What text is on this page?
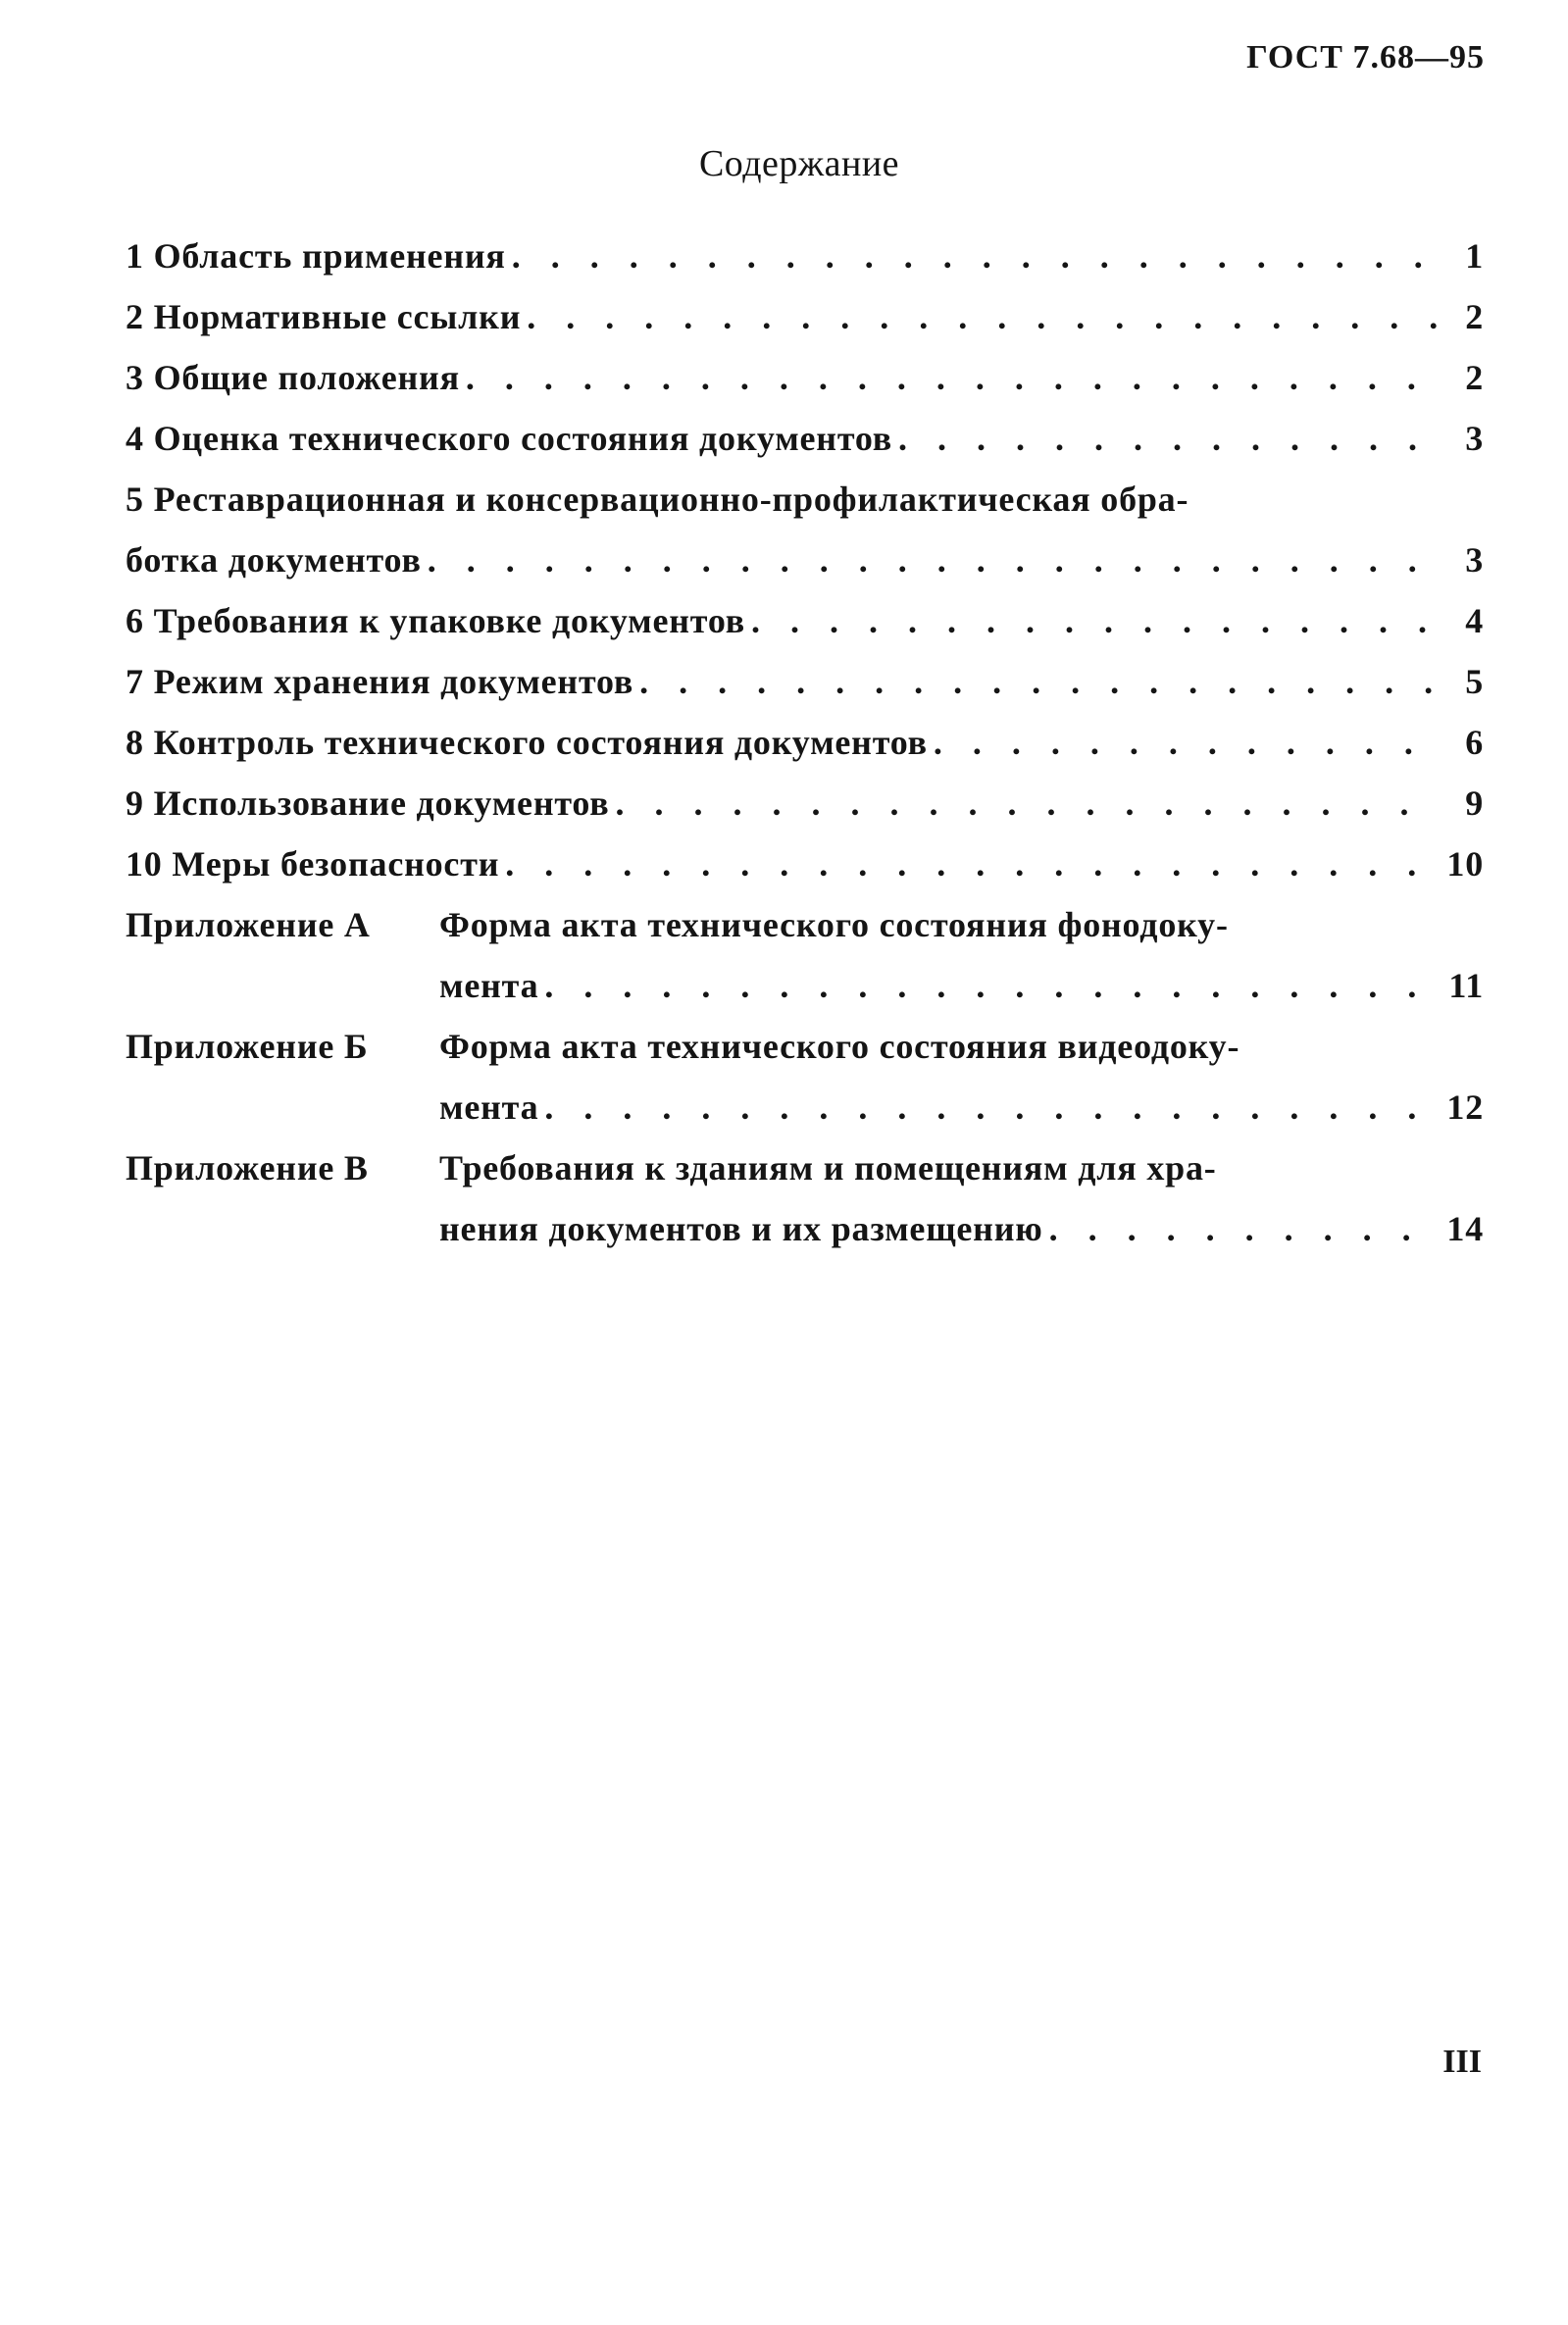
ГОСТ 7.68—95
Содержание
1 Область применения . . .	1
2 Нормативные ссылки . . .	2
3 Общие положения . . .	2
4 Оценка технического состояния документов . . .	3
5 Реставрационная и консервационно-профилактическая обра-
ботка документов . . .	3
6 Требования к упаковке документов . . .	4
7 Режим хранения документов . . .	5
8 Контроль технического состояния документов . . .	6
9 Использование документов . . .	9
10 Меры безопасности . . .	10
Приложение А	Форма акта технического состояния фонодоку-
мента . . .	11
Приложение Б	Форма акта технического состояния видеодоку-
мента . . .	12
Приложение В	Требования к зданиям и помещениям для хра-
нения документов и их размещению . . .	14
III
